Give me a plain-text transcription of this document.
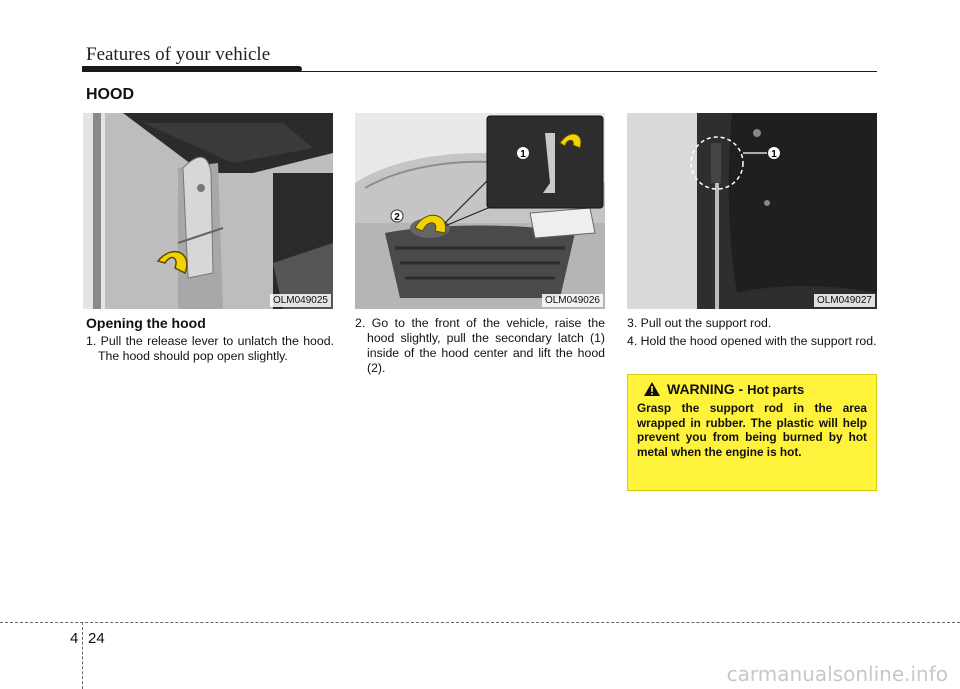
Features of your vehicle
HOOD
OLM049025
1
2
OLM049026
1
OLM049027
Opening the hood

1. Pull the release lever to unlatch the hood. The hood should pop open slightly.

2. Go to the front of the vehicle, raise the hood slightly, pull the secondary latch (1) inside of the hood center and lift the hood (2).

3. Pull out the support rod.

4. Hold the hood opened with the support rod.

WARNING - Hot parts
Grasp the support rod in the area wrapped in rubber. The plastic will help prevent you from being burned by hot metal when the engine is hot.
4 24
carmanualsonline.info
